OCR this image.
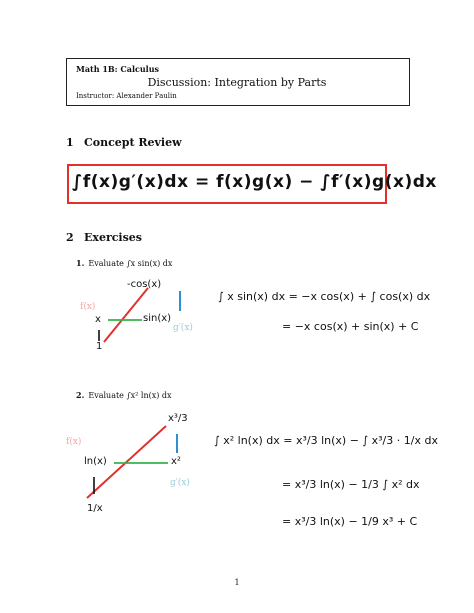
Math 1B: Calculus
Discussion: Integration by Parts
Instructor: Alexander Paulin
1 Concept Review
∫f(x)g′(x)dx = f(x)g(x) − ∫f′(x)g(x)dx
2 Exercises
1. Evaluate ∫x sin(x) dx
-cos(x)
x	sin(x)
1
f(x)
g′(x)
∫ x sin(x) dx = −x cos(x) + ∫ cos(x) dx
= −x cos(x) + sin(x) + C
2. Evaluate ∫x² ln(x) dx
x³/3
ln(x)	x²
1/x
f(x)
g′(x)
∫ x² ln(x) dx = x³/3 ln(x) − ∫ x³/3 · 1/x dx
= x³/3 ln(x) − 1/3 ∫ x² dx
= x³/3 ln(x) − 1/9 x³ + C
1
